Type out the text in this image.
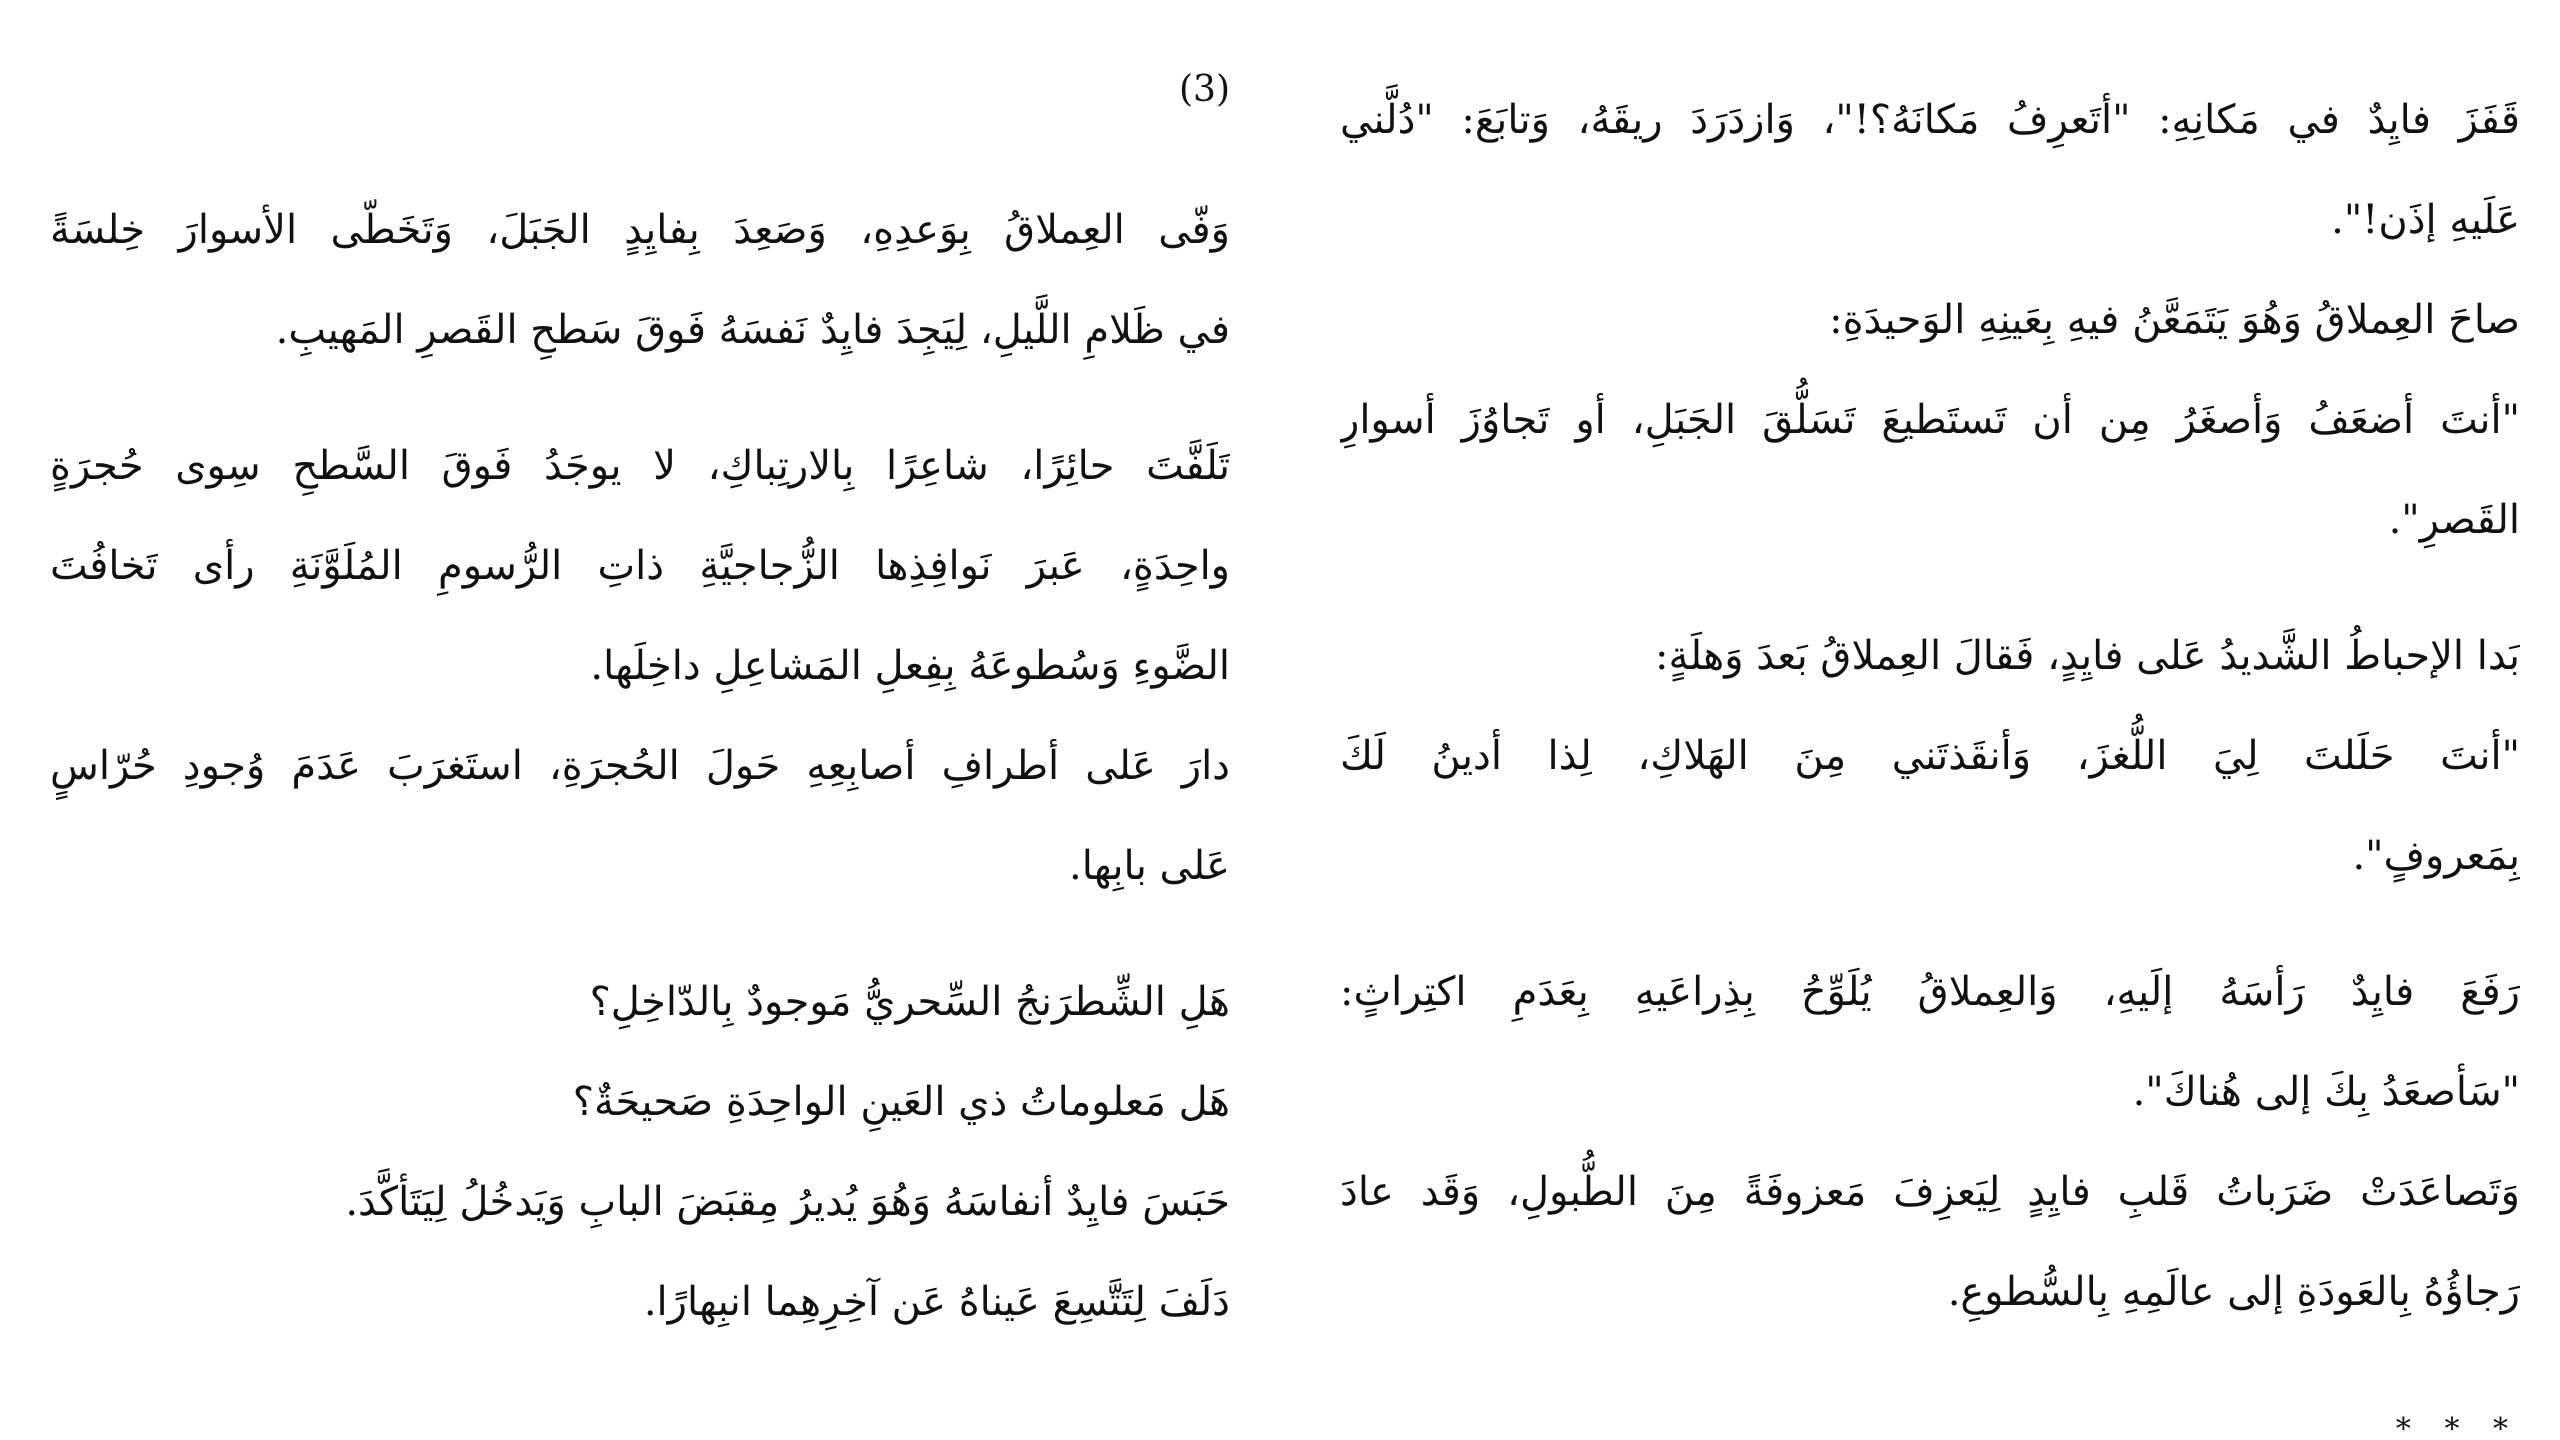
قَفَزَ فايِدٌ في مَكانِهِ: "أتَعرِفُ مَكانَهُ؟!"، وَازدَرَدَ ريقَهُ، وَتابَعَ: "دُلَّني
عَلَيهِ إذَن!".
صاحَ العِملاقُ وَهُوَ يَتَمَعَّنُ فيهِ بِعَينِهِ الوَحيدَةِ:
"أنتَ أضعَفُ وَأصغَرُ مِن أن تَستَطيعَ تَسَلُّقَ الجَبَلِ، أو تَجاوُزَ أسوارِ
القَصرِ".
بَدا الإحباطُ الشَّديدُ عَلى فايِدٍ، فَقالَ العِملاقُ بَعدَ وَهلَةٍ:
"أنتَ حَلَلتَ لِيَ اللُّغزَ، وَأنقَذتَني مِنَ الهَلاكِ، لِذا أدينُ لَكَ
بِمَعروفٍ".
رَفَعَ فايِدٌ رَأسَهُ إلَيهِ، وَالعِملاقُ يُلَوِّحُ بِذِراعَيهِ بِعَدَمِ اكتِراثٍ:
"سَأصعَدُ بِكَ إلى هُناكَ".
وَتَصاعَدَتْ ضَرَباتُ قَلبِ فايِدٍ لِيَعزِفَ مَعزوفَةً مِنَ الطُّبولِ، وَقَد عادَ
رَجاؤُهُ بِالعَودَةِ إلى عالَمِهِ بِالسُّطوعِ.
* * *
(3)
وَفّى العِملاقُ بِوَعدِهِ، وَصَعِدَ بِفايِدٍ الجَبَلَ، وَتَخَطّى الأسوارَ خِلسَةً
في ظَلامِ اللَّيلِ، لِيَجِدَ فايِدٌ نَفسَهُ فَوقَ سَطحِ القَصرِ المَهيبِ.
تَلَفَّتَ حائِرًا، شاعِرًا بِالارتِباكِ، لا يوجَدُ فَوقَ السَّطحِ سِوى حُجرَةٍ
واحِدَةٍ، عَبرَ نَوافِذِها الزُّجاجيَّةِ ذاتِ الرُّسومِ المُلَوَّنَةِ رأى تَخافُتَ
الضَّوءِ وَسُطوعَهُ بِفِعلِ المَشاعِلِ داخِلَها.
دارَ عَلى أطرافِ أصابِعِهِ حَولَ الحُجرَةِ، استَغرَبَ عَدَمَ وُجودِ حُرّاسٍ
عَلى بابِها.
هَلِ الشِّطرَنجُ السِّحريُّ مَوجودٌ بِالدّاخِلِ؟
هَل مَعلوماتُ ذي العَينِ الواحِدَةِ صَحيحَةٌ؟
حَبَسَ فايِدٌ أنفاسَهُ وَهُوَ يُديرُ مِقبَضَ البابِ وَيَدخُلُ لِيَتَأكَّدَ.
دَلَفَ لِتَتَّسِعَ عَيناهُ عَن آخِرِهِما انبِهارًا.
